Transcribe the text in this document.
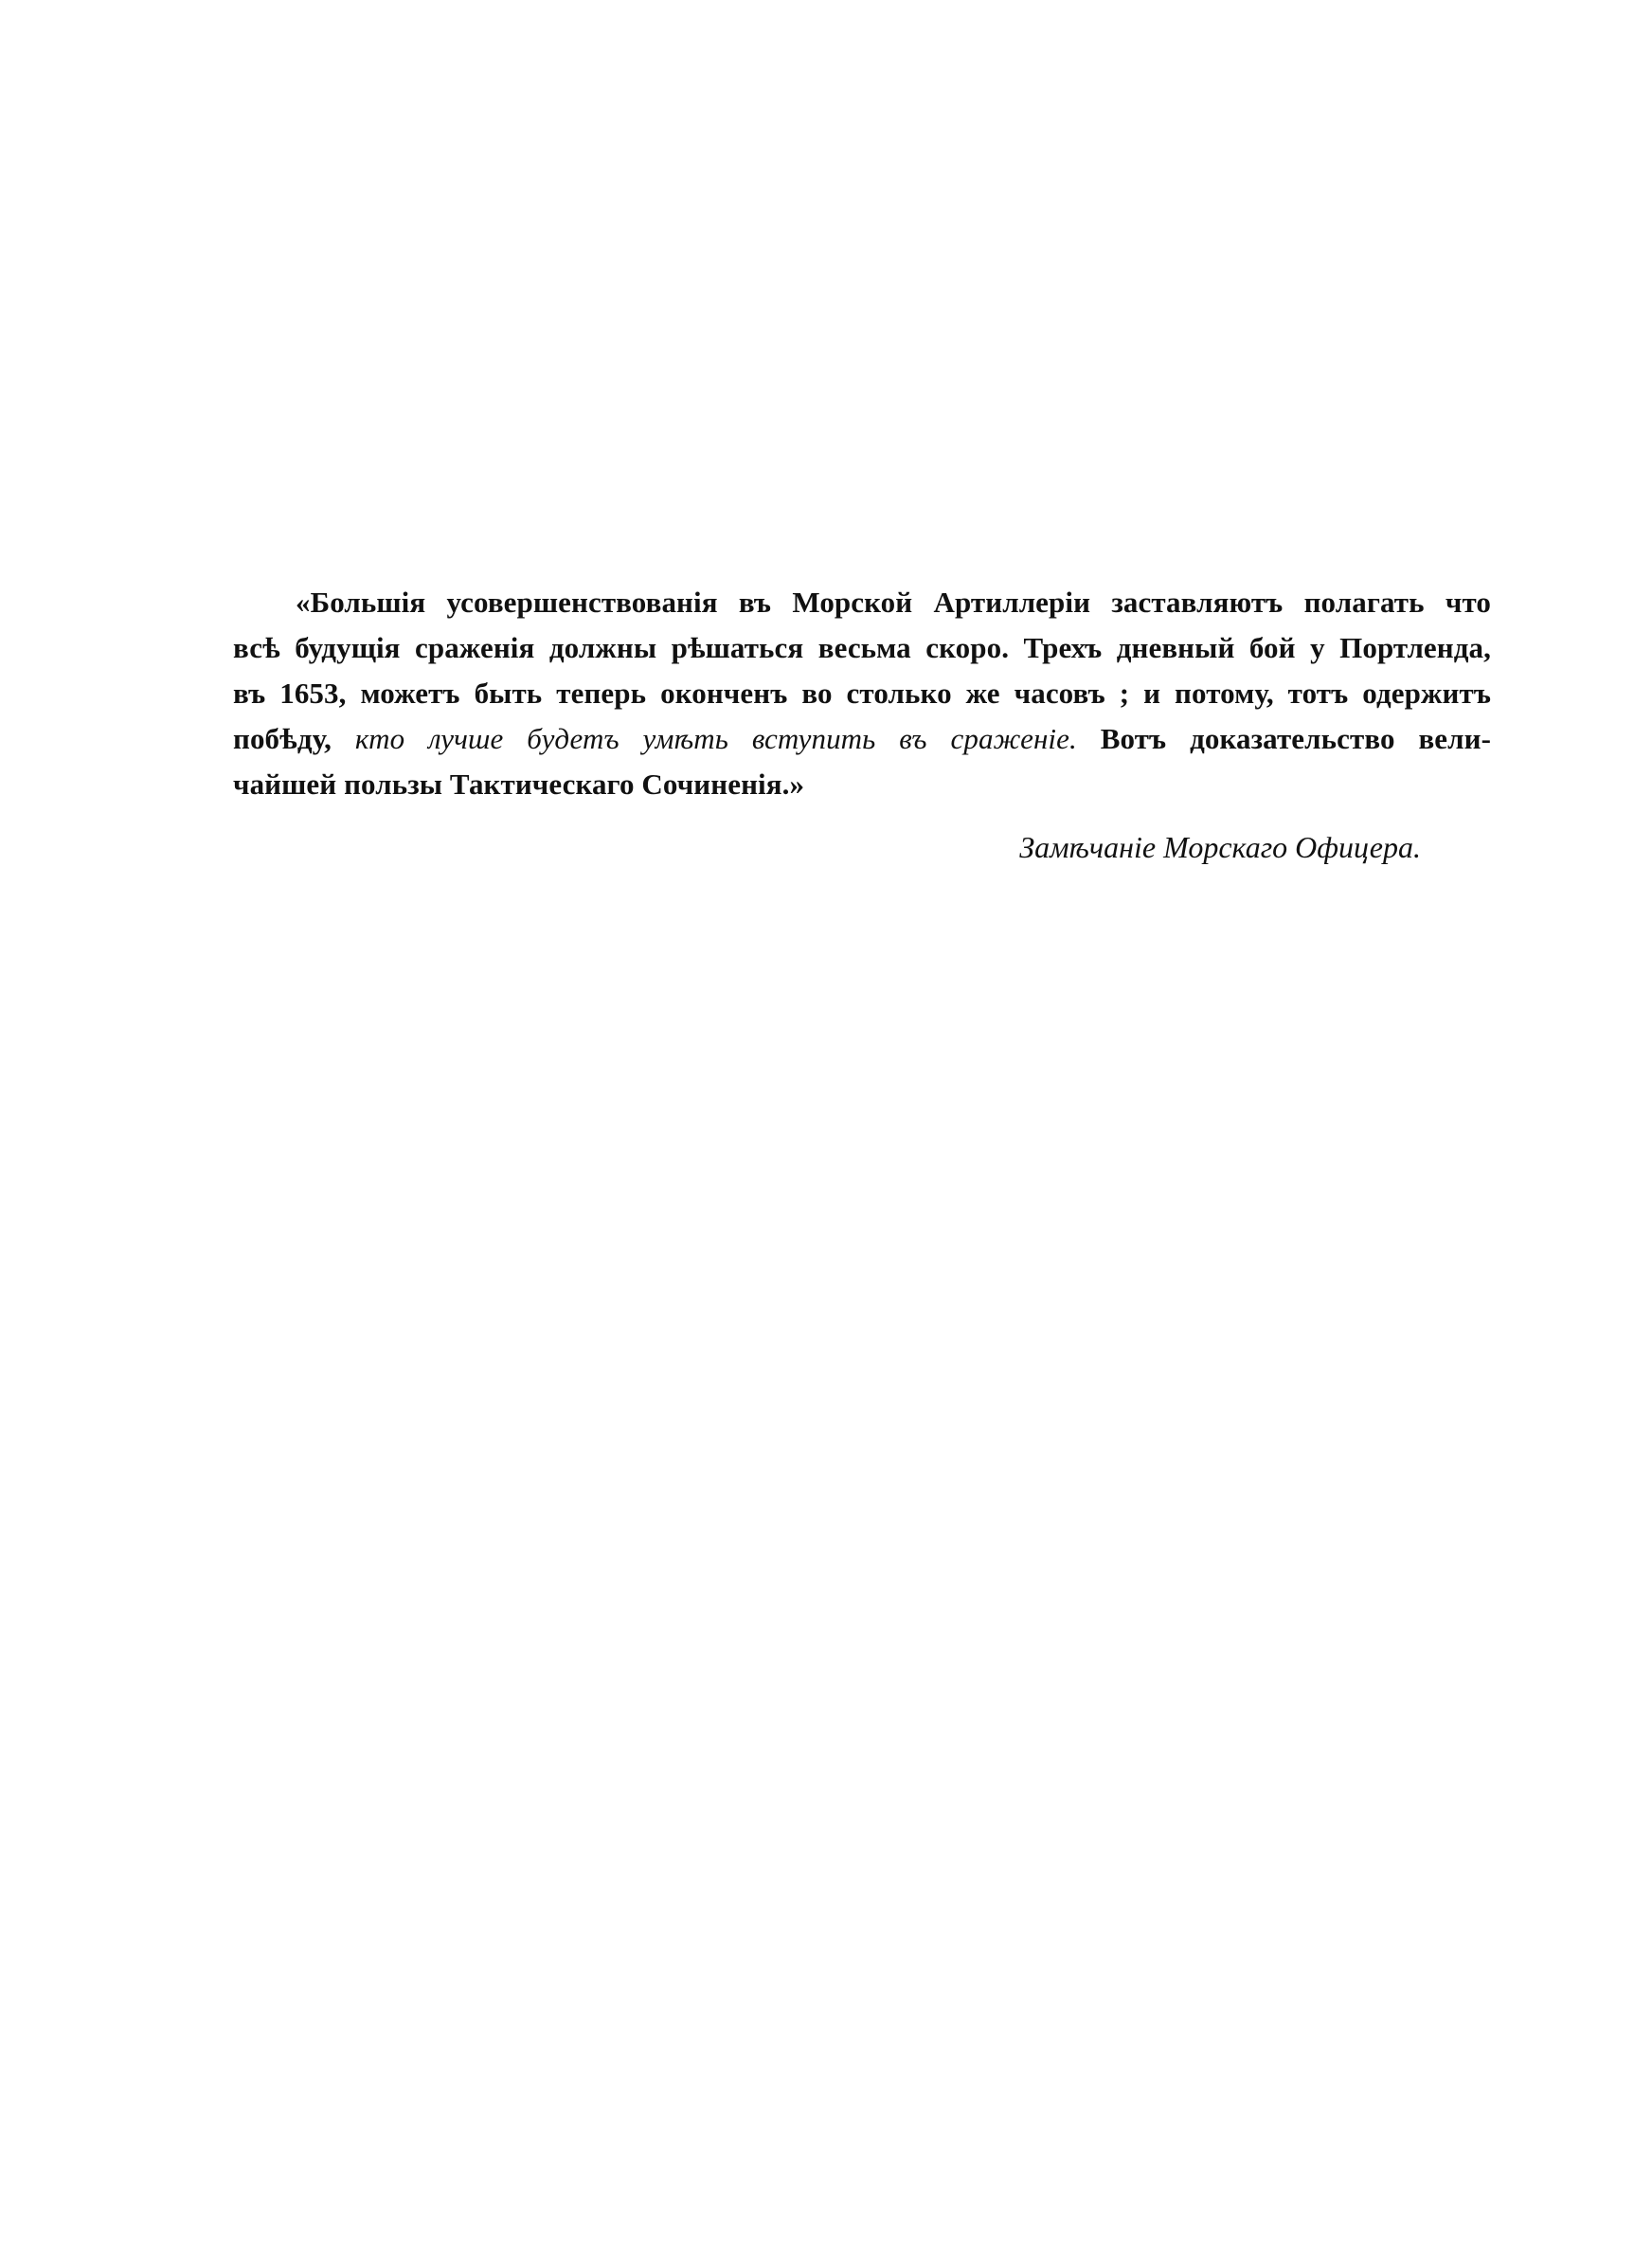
«Большія усовершенствованія въ Морской Артиллеріи заставляютъ полагать что
всѣ будущія сраженія должны рѣшаться весьма скоро. Трехъ дневный бой у Портленда,
въ 1653, можетъ быть теперь оконченъ во столько же часовъ ; и потому, тотъ одержитъ
побѣду, кто лучше будетъ умѣть вступить въ сраженіе. Вотъ доказательство вели-
чайшей пользы Тактическаго Сочиненія.»
Замѣчаніе Морскаго Офицера.
